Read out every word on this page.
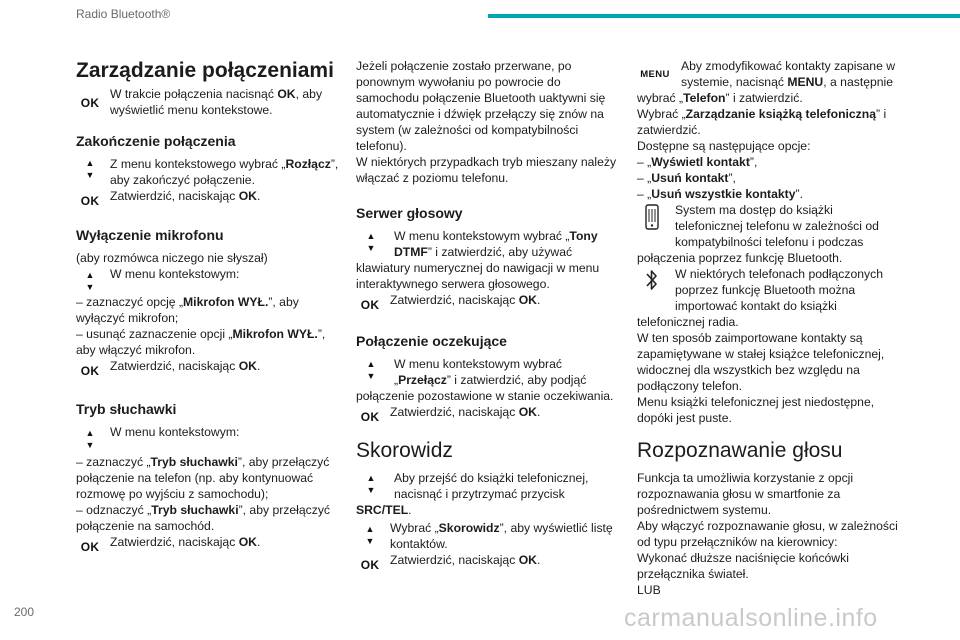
Radio Bluetooth®
Zarządzanie połączeniami
OK
W trakcie połączenia nacisnąć OK, aby wyświetlić menu kontekstowe.
Zakończenie połączenia
▲
▼
Z menu kontekstowego wybrać „Rozłącz”, aby zakończyć połączenie.
OK Zatwierdzić, naciskając OK.
Wyłączenie mikrofonu
(aby rozmówca niczego nie słyszał)
▲
▼
W menu kontekstowym:
– zaznaczyć opcję „Mikrofon WYŁ.”, aby wyłączyć mikrofon;
– usunąć zaznaczenie opcji „Mikrofon WYŁ.”, aby włączyć mikrofon.
OK Zatwierdzić, naciskając OK.
Tryb słuchawki
▲
▼
W menu kontekstowym:
– zaznaczyć „Tryb słuchawki”, aby przełączyć połączenie na telefon (np. aby kontynuować rozmowę po wyjściu z samochodu);
– odznaczyć „Tryb słuchawki”, aby przełączyć połączenie na samochód.
OK Zatwierdzić, naciskając OK.
Jeżeli połączenie zostało przerwane, po ponownym wywołaniu po powrocie do samochodu połączenie Bluetooth uaktywni się automatycznie i dźwięk przełączy się znów na system (w zależności od kompatybilności telefonu).
W niektórych przypadkach tryb mieszany należy włączać z poziomu telefonu.
Serwer głosowy
▲
▼
W menu kontekstowym wybrać „Tony DTMF” i zatwierdzić, aby używać klawiatury numerycznej do nawigacji w menu interaktywnego serwera głosowego.
OK Zatwierdzić, naciskając OK.
Połączenie oczekujące
▲
▼
W menu kontekstowym wybrać „Przełącz” i zatwierdzić, aby podjąć połączenie pozostawione w stanie oczekiwania.
OK Zatwierdzić, naciskając OK.
Skorowidz
▲
▼
Aby przejść do książki telefonicznej, nacisnąć i przytrzymać przycisk SRC/TEL.
▲
▼
Wybrać „Skorowidz”, aby wyświetlić listę kontaktów.
OK Zatwierdzić, naciskając OK.
MENU
Aby zmodyfikować kontakty zapisane w systemie, nacisnąć MENU, a następnie wybrać „Telefon” i zatwierdzić.
Wybrać „Zarządzanie książką telefoniczną” i zatwierdzić.
Dostępne są następujące opcje:
– „Wyświetl kontakt”,
– „Usuń kontakt”,
– „Usuń wszystkie kontakty”.
System ma dostęp do książki telefonicznej telefonu w zależności od kompatybilności telefonu i podczas połączenia poprzez funkcję Bluetooth.
W niektórych telefonach podłączonych poprzez funkcję Bluetooth można importować kontakt do książki telefonicznej radia.
W ten sposób zaimportowane kontakty są zapamiętywane w stałej książce telefonicznej, widocznej dla wszystkich bez względu na podłączony telefon.
Menu książki telefonicznej jest niedostępne, dopóki jest puste.
Rozpoznawanie głosu
Funkcja ta umożliwia korzystanie z opcji rozpoznawania głosu w smartfonie za pośrednictwem systemu.
Aby włączyć rozpoznawanie głosu, w zależności od typu przełączników na kierownicy:
Wykonać dłuższe naciśnięcie końcówki przełącznika świateł.
LUB
200	carmanualsonline.info
